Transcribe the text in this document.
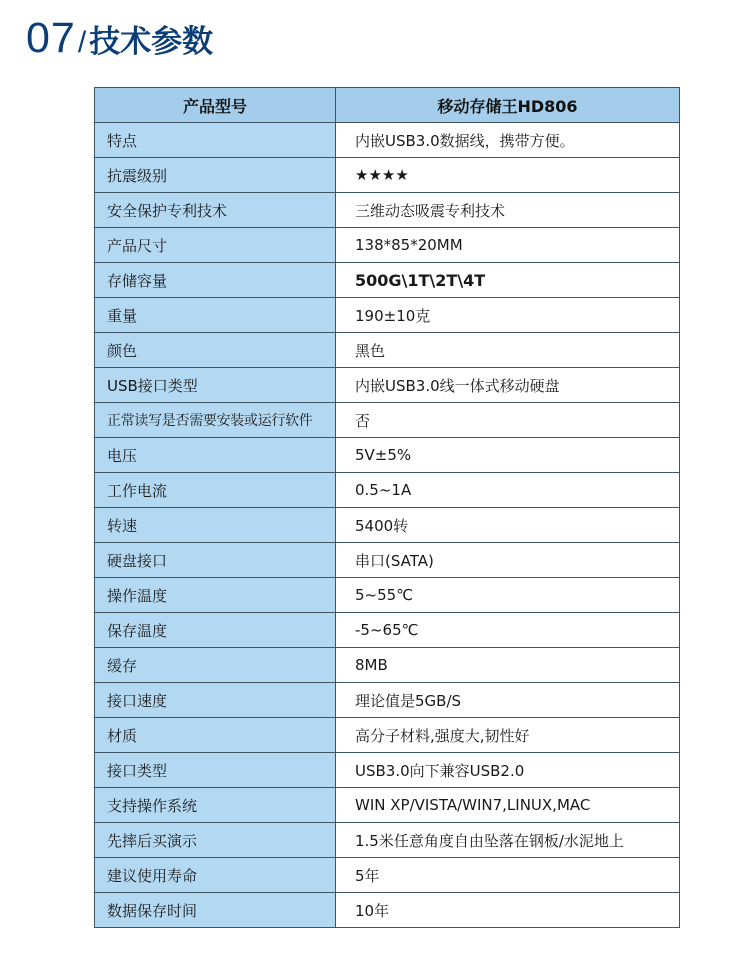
07 / 技术参数
产品型号	移动存储王HD806
特点	内嵌USB3.0数据线，携带方便。
抗震级别	★★★★
安全保护专利技术	三维动态吸震专利技术
产品尺寸	138*85*20MM
存储容量	500G\1T\2T\4T
重量	190±10克
颜色	黑色
USB接口类型	内嵌USB3.0线一体式移动硬盘
正常读写是否需要安装或运行软件	否
电压	5V±5%
工作电流	0.5~1A
转速	5400转
硬盘接口	串口(SATA)
操作温度	5~55℃
保存温度	-5~65℃
缓存	8MB
接口速度	理论值是5GB/S
材质	高分子材料,强度大,韧性好
接口类型	USB3.0向下兼容USB2.0
支持操作系统	WIN XP/VISTA/WIN7,LINUX,MAC
先摔后买演示	1.5米任意角度自由坠落在钢板/水泥地上
建议使用寿命	5年
数据保存时间	10年
